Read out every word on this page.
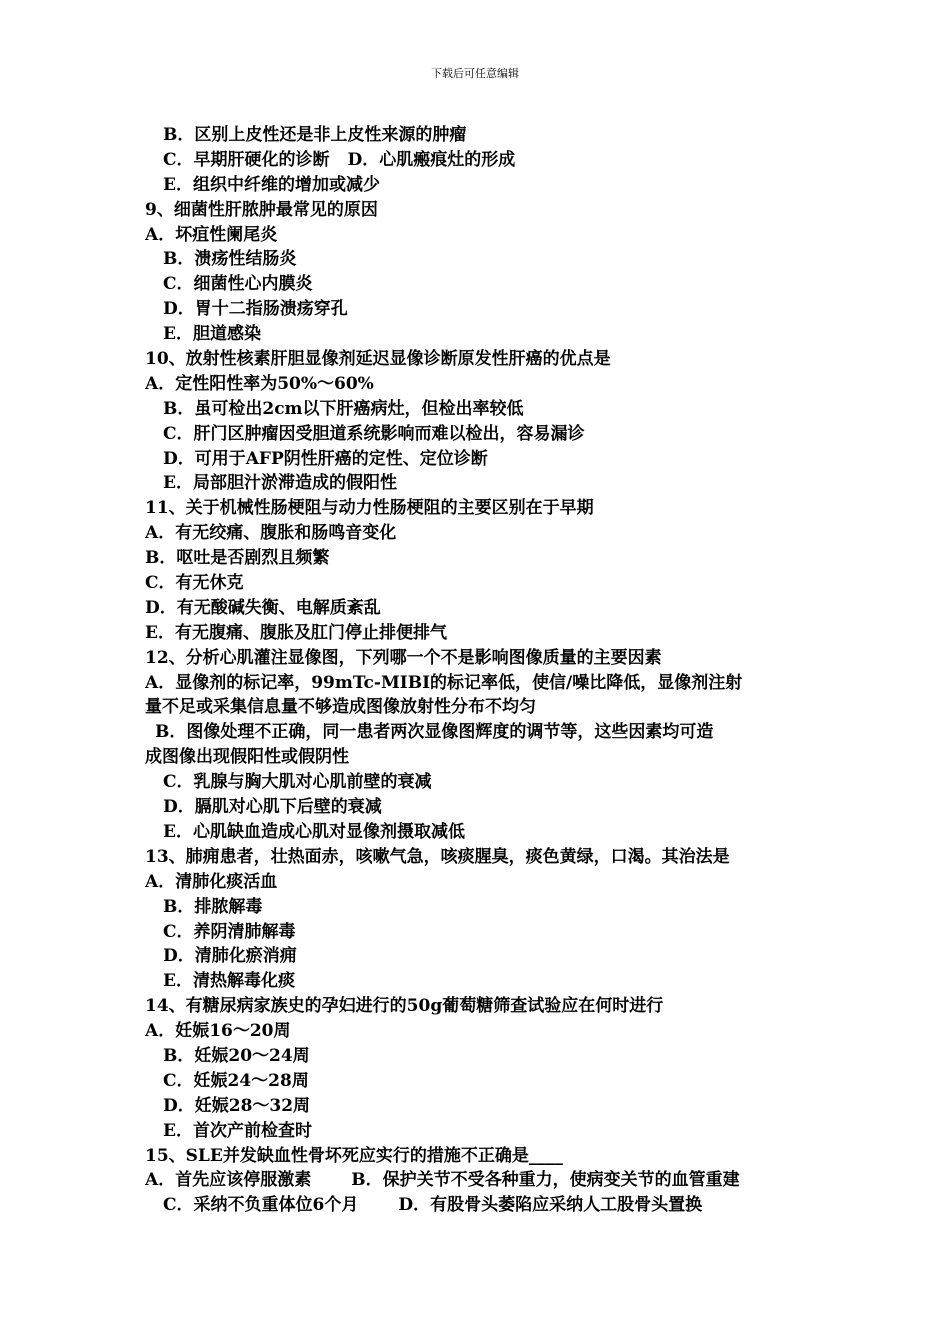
下载后可任意编辑
B．区别上皮性还是非上皮性来源的肿瘤
C．早期肝硬化的诊断 D．心肌瘢痕灶的形成
E．组织中纤维的增加或减少
9、细菌性肝脓肿最常见的原因
A．坏疽性阑尾炎
B．溃疡性结肠炎
C．细菌性心内膜炎
D．胃十二指肠溃疡穿孔
E．胆道感染
10、放射性核素肝胆显像剂延迟显像诊断原发性肝癌的优点是
A．定性阳性率为50%～60%
B．虽可检出2cm以下肝癌病灶，但检出率较低
C．肝门区肿瘤因受胆道系统影响而难以检出，容易漏诊
D．可用于AFP阴性肝癌的定性、定位诊断
E．局部胆汁淤滞造成的假阳性
11、关于机械性肠梗阻与动力性肠梗阻的主要区别在于早期
A．有无绞痛、腹胀和肠鸣音变化
B．呕吐是否剧烈且频繁
C．有无休克
D．有无酸碱失衡、电解质紊乱
E．有无腹痛、腹胀及肛门停止排便排气
12、分析心肌灌注显像图，下列哪一个不是影响图像质量的主要因素
A．显像剂的标记率，99mTc-MIBI的标记率低，使信/噪比降低，显像剂注射
量不足或采集信息量不够造成图像放射性分布不均匀
B．图像处理不正确，同一患者两次显像图辉度的调节等，这些因素均可造
成图像出现假阳性或假阴性
C．乳腺与胸大肌对心肌前壁的衰减
D．膈肌对心肌下后壁的衰减
E．心肌缺血造成心肌对显像剂摄取减低
13、肺痈患者，壮热面赤，咳嗽气急，咳痰腥臭，痰色黄绿，口渴。其治法是
A．清肺化痰活血
B．排脓解毒
C．养阴清肺解毒
D．清肺化瘀消痈
E．清热解毒化痰
14、有糖尿病家族史的孕妇进行的50g葡萄糖筛查试验应在何时进行
A．妊娠16～20周
B．妊娠20～24周
C．妊娠24～28周
D．妊娠28～32周
E．首次产前检查时
15、SLE并发缺血性骨坏死应实行的措施不正确是____
A．首先应该停服激素 B．保护关节不受各种重力，使病变关节的血管重建
C．采纳不负重体位6个月 D．有股骨头萎陷应采纳人工股骨头置换
